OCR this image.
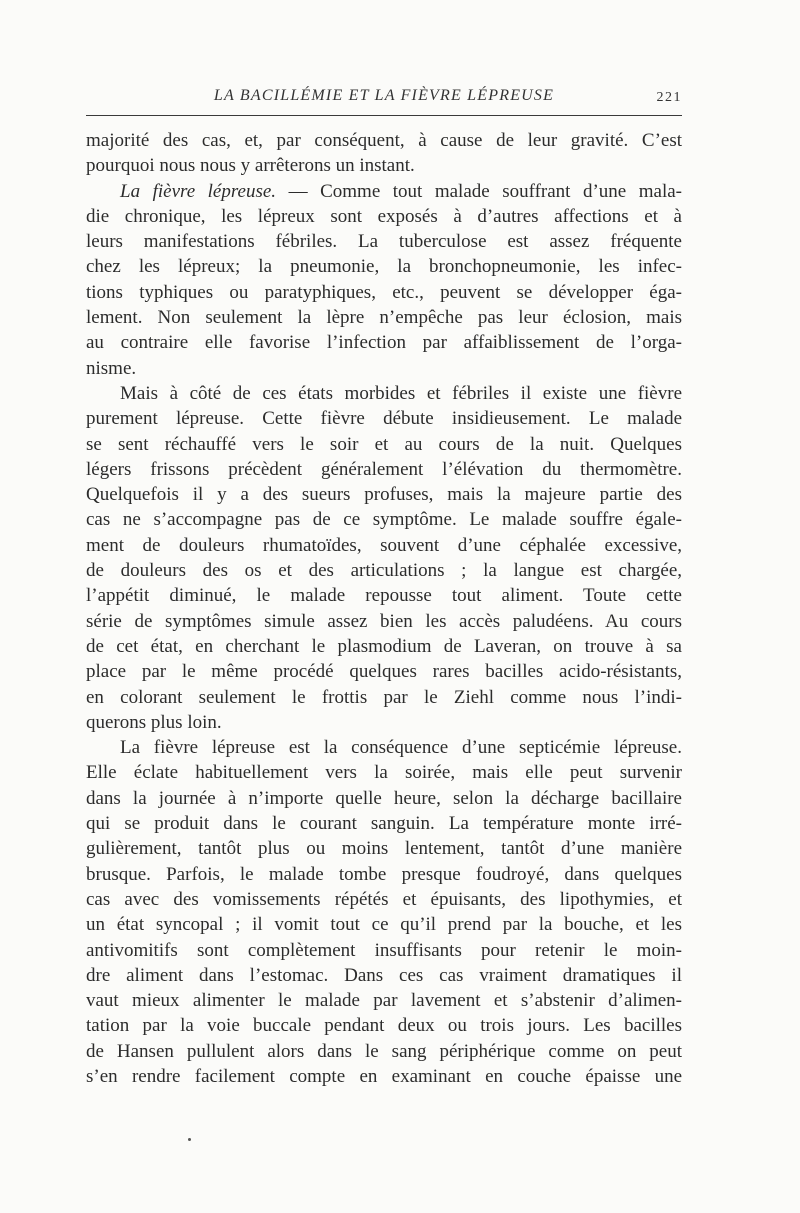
LA BACILLÉMIE ET LA FIÈVRE LÉPREUSE	221
majorité des cas, et, par conséquent, à cause de leur gravité. C’est
pourquoi nous nous y arrêterons un instant.
La fièvre lépreuse. — Comme tout malade souffrant d’une mala-
die chronique, les lépreux sont exposés à d’autres affections et à
leurs manifestations fébriles. La tuberculose est assez fréquente
chez les lépreux; la pneumonie, la bronchopneumonie, les infec-
tions typhiques ou paratyphiques, etc., peuvent se développer éga-
lement. Non seulement la lèpre n’empêche pas leur éclosion, mais
au contraire elle favorise l’infection par affaiblissement de l’orga-
nisme.
Mais à côté de ces états morbides et fébriles il existe une fièvre
purement lépreuse. Cette fièvre débute insidieusement. Le malade
se sent réchauffé vers le soir et au cours de la nuit. Quelques
légers frissons précèdent généralement l’élévation du thermomètre.
Quelquefois il y a des sueurs profuses, mais la majeure partie des
cas ne s’accompagne pas de ce symptôme. Le malade souffre égale-
ment de douleurs rhumatoïdes, souvent d’une céphalée excessive,
de douleurs des os et des articulations ; la langue est chargée,
l’appétit diminué, le malade repousse tout aliment. Toute cette
série de symptômes simule assez bien les accès paludéens. Au cours
de cet état, en cherchant le plasmodium de Laveran, on trouve à sa
place par le même procédé quelques rares bacilles acido-résistants,
en colorant seulement le frottis par le Ziehl comme nous l’indi-
querons plus loin.
La fièvre lépreuse est la conséquence d’une septicémie lépreuse.
Elle éclate habituellement vers la soirée, mais elle peut survenir
dans la journée à n’importe quelle heure, selon la décharge bacillaire
qui se produit dans le courant sanguin. La température monte irré-
gulièrement, tantôt plus ou moins lentement, tantôt d’une manière
brusque. Parfois, le malade tombe presque foudroyé, dans quelques
cas avec des vomissements répétés et épuisants, des lipothymies, et
un état syncopal ; il vomit tout ce qu’il prend par la bouche, et les
antivomitifs sont complètement insuffisants pour retenir le moin-
dre aliment dans l’estomac. Dans ces cas vraiment dramatiques il
vaut mieux alimenter le malade par lavement et s’abstenir d’alimen-
tation par la voie buccale pendant deux ou trois jours. Les bacilles
de Hansen pullulent alors dans le sang périphérique comme on peut
s’en rendre facilement compte en examinant en couche épaisse une
